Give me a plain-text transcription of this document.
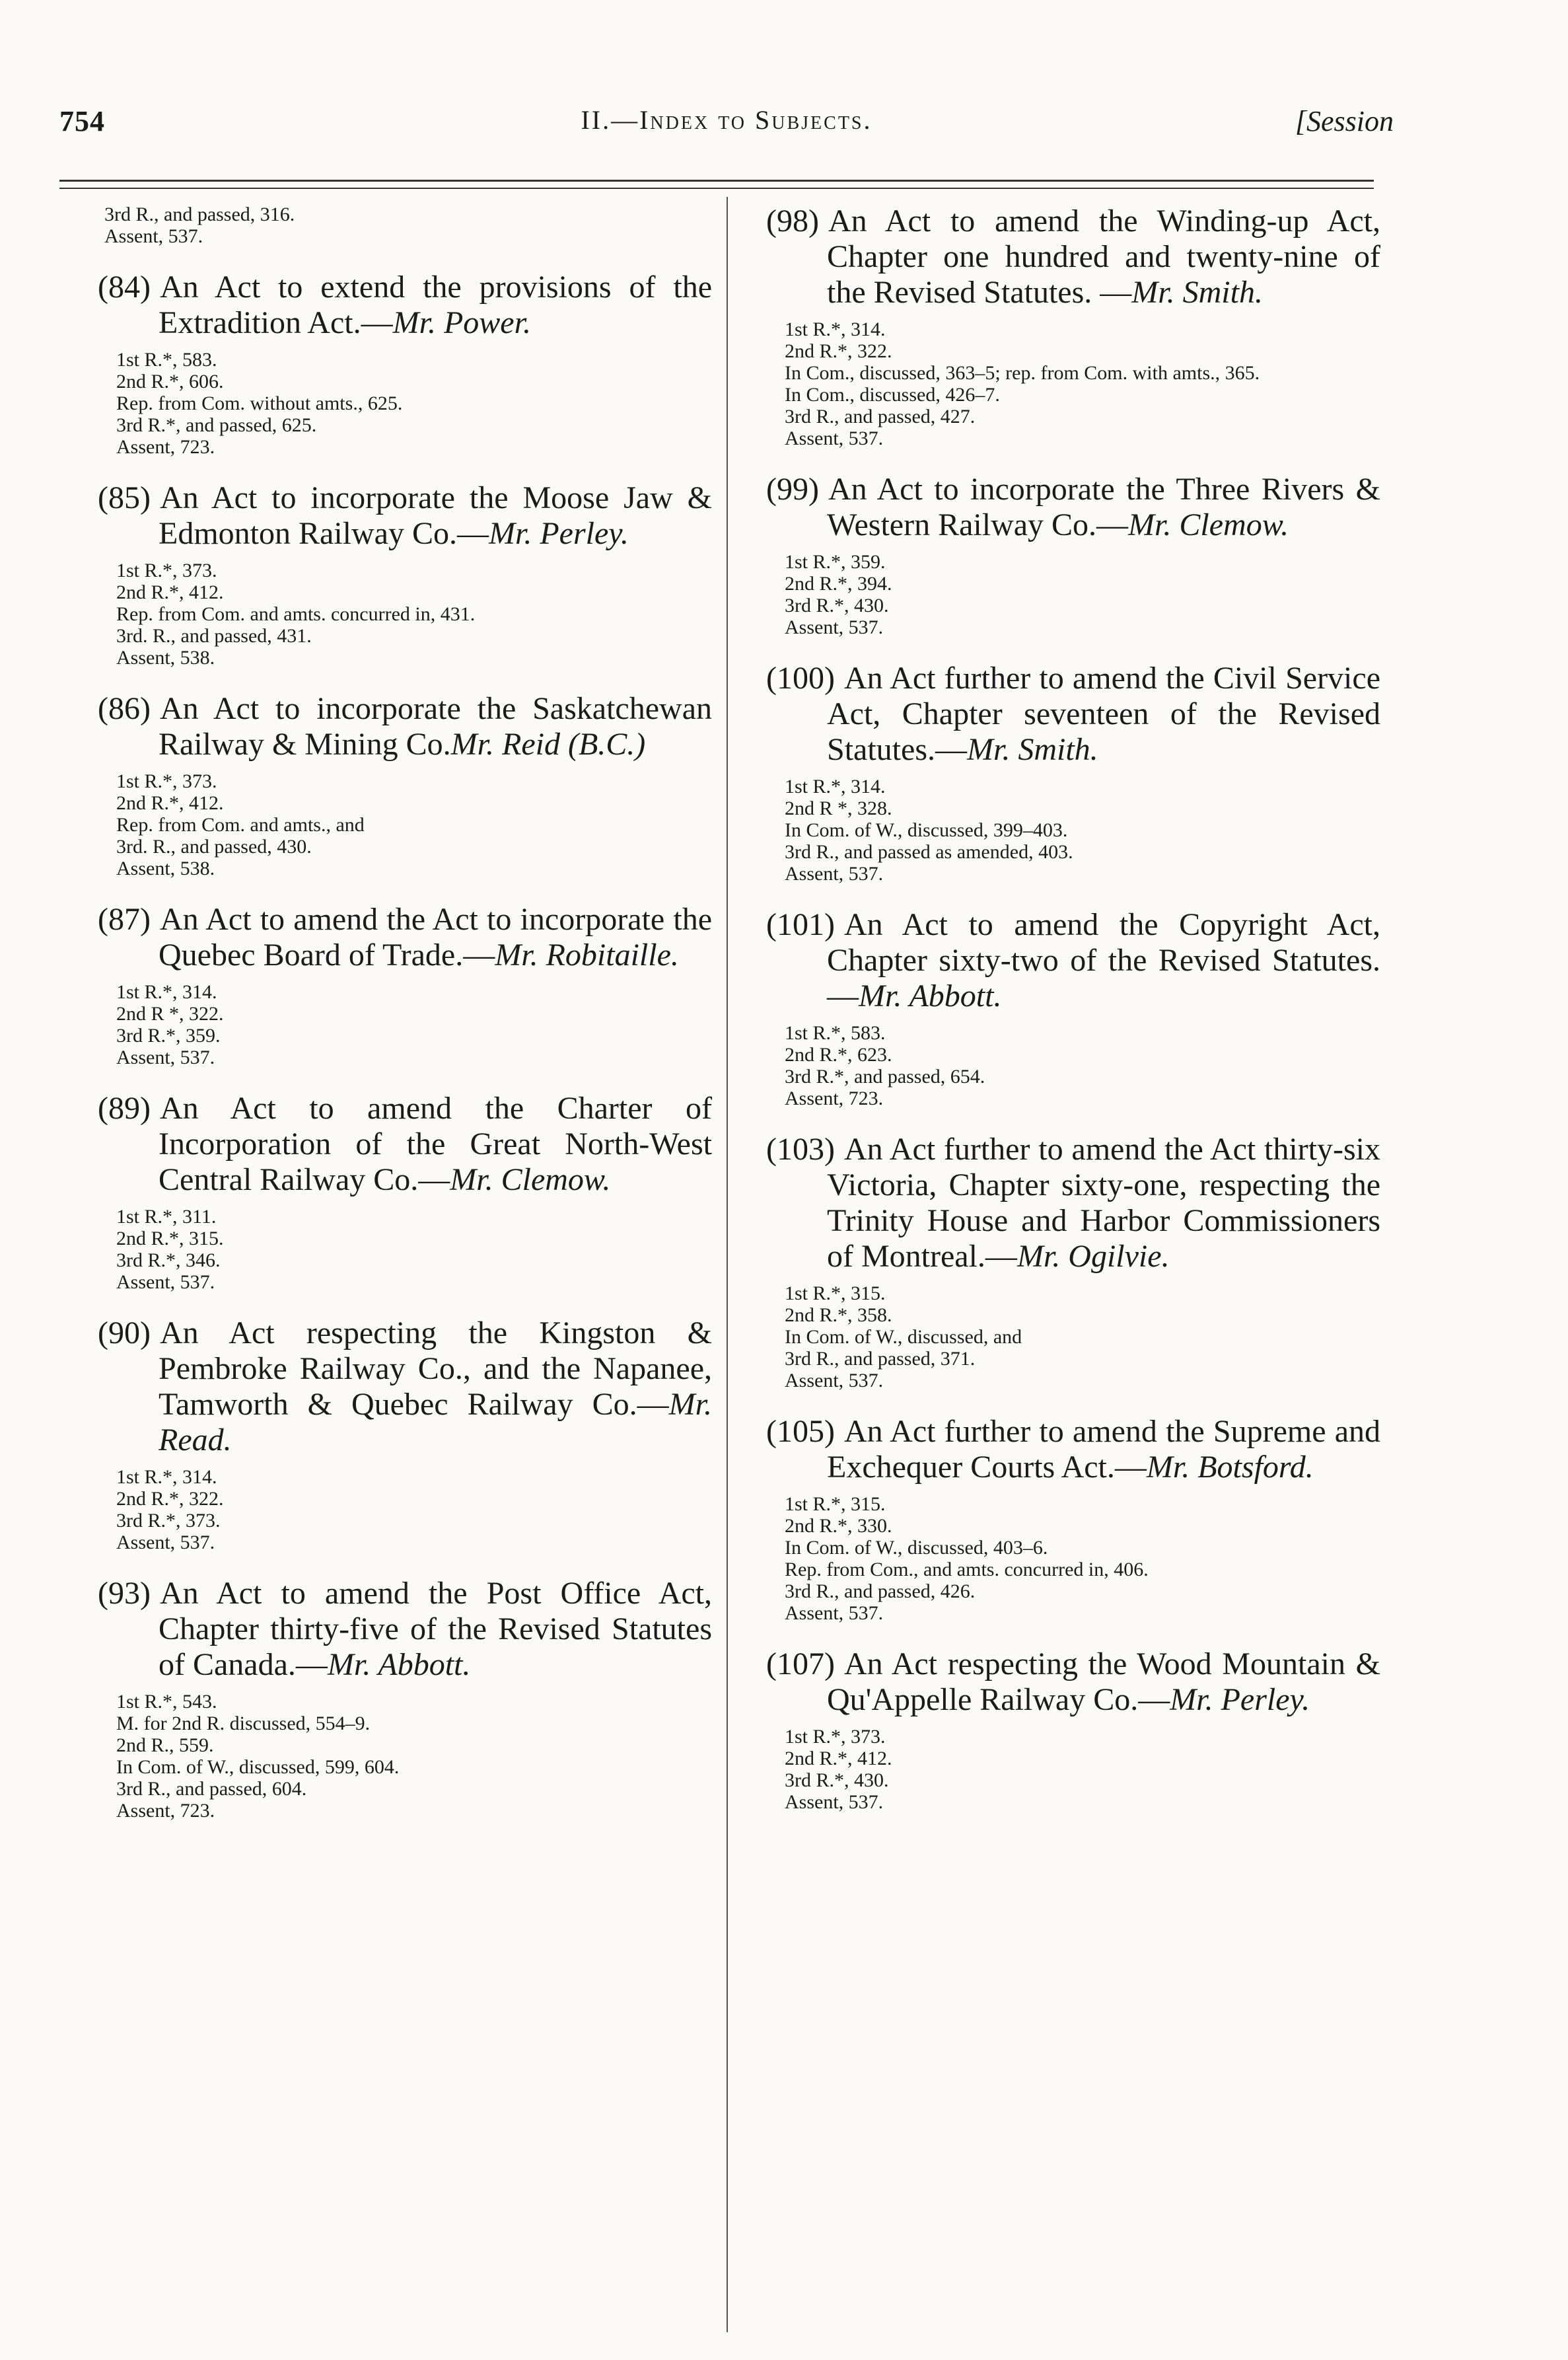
754	II.—Index to Subjects.	[Session
3rd R., and passed, 316.
Assent, 537.
(84) An Act to extend the provisions of the Extradition Act.—Mr. Power.
1st R.*, 583.
2nd R.*, 606.
Rep. from Com. without amts., 625.
3rd R.*, and passed, 625.
Assent, 723.
(85) An Act to incorporate the Moose Jaw & Edmonton Railway Co.—Mr. Perley.
1st R.*, 373.
2nd R.*, 412.
Rep. from Com. and amts. concurred in, 431.
3rd. R., and passed, 431.
Assent, 538.
(86) An Act to incorporate the Saskatchewan Railway & Mining Co.Mr. Reid (B.C.)
1st R.*, 373.
2nd R.*, 412.
Rep. from Com. and amts., and
3rd. R., and passed, 430.
Assent, 538.
(87) An Act to amend the Act to incorporate the Quebec Board of Trade.—Mr. Robitaille.
1st R.*, 314.
2nd R *, 322.
3rd R.*, 359.
Assent, 537.
(89) An Act to amend the Charter of Incorporation of the Great North-West Central Railway Co.—Mr. Clemow.
1st R.*, 311.
2nd R.*, 315.
3rd R.*, 346.
Assent, 537.
(90) An Act respecting the Kingston & Pembroke Railway Co., and the Napanee, Tamworth & Quebec Railway Co.—Mr. Read.
1st R.*, 314.
2nd R.*, 322.
3rd R.*, 373.
Assent, 537.
(93) An Act to amend the Post Office Act, Chapter thirty-five of the Revised Statutes of Canada.—Mr. Abbott.
1st R.*, 543.
M. for 2nd R. discussed, 554–9.
2nd R., 559.
In Com. of W., discussed, 599, 604.
3rd R., and passed, 604.
Assent, 723.
(98) An Act to amend the Winding-up Act, Chapter one hundred and twenty-nine of the Revised Statutes. —Mr. Smith.
1st R.*, 314.
2nd R.*, 322.
In Com., discussed, 363–5; rep. from Com. with amts., 365.
In Com., discussed, 426–7.
3rd R., and passed, 427.
Assent, 537.
(99) An Act to incorporate the Three Rivers & Western Railway Co.—Mr. Clemow.
1st R.*, 359.
2nd R.*, 394.
3rd R.*, 430.
Assent, 537.
(100) An Act further to amend the Civil Service Act, Chapter seventeen of the Revised Statutes.—Mr. Smith.
1st R.*, 314.
2nd R *, 328.
In Com. of W., discussed, 399–403.
3rd R., and passed as amended, 403.
Assent, 537.
(101) An Act to amend the Copyright Act, Chapter sixty-two of the Revised Statutes.—Mr. Abbott.
1st R.*, 583.
2nd R.*, 623.
3rd R.*, and passed, 654.
Assent, 723.
(103) An Act further to amend the Act thirty-six Victoria, Chapter sixty-one, respecting the Trinity House and Harbor Commissioners of Montreal.—Mr. Ogilvie.
1st R.*, 315.
2nd R.*, 358.
In Com. of W., discussed, and
3rd R., and passed, 371.
Assent, 537.
(105) An Act further to amend the Supreme and Exchequer Courts Act.—Mr. Botsford.
1st R.*, 315.
2nd R.*, 330.
In Com. of W., discussed, 403–6.
Rep. from Com., and amts. concurred in, 406.
3rd R., and passed, 426.
Assent, 537.
(107) An Act respecting the Wood Mountain & Qu'Appelle Railway Co.—Mr. Perley.
1st R.*, 373.
2nd R.*, 412.
3rd R.*, 430.
Assent, 537.
